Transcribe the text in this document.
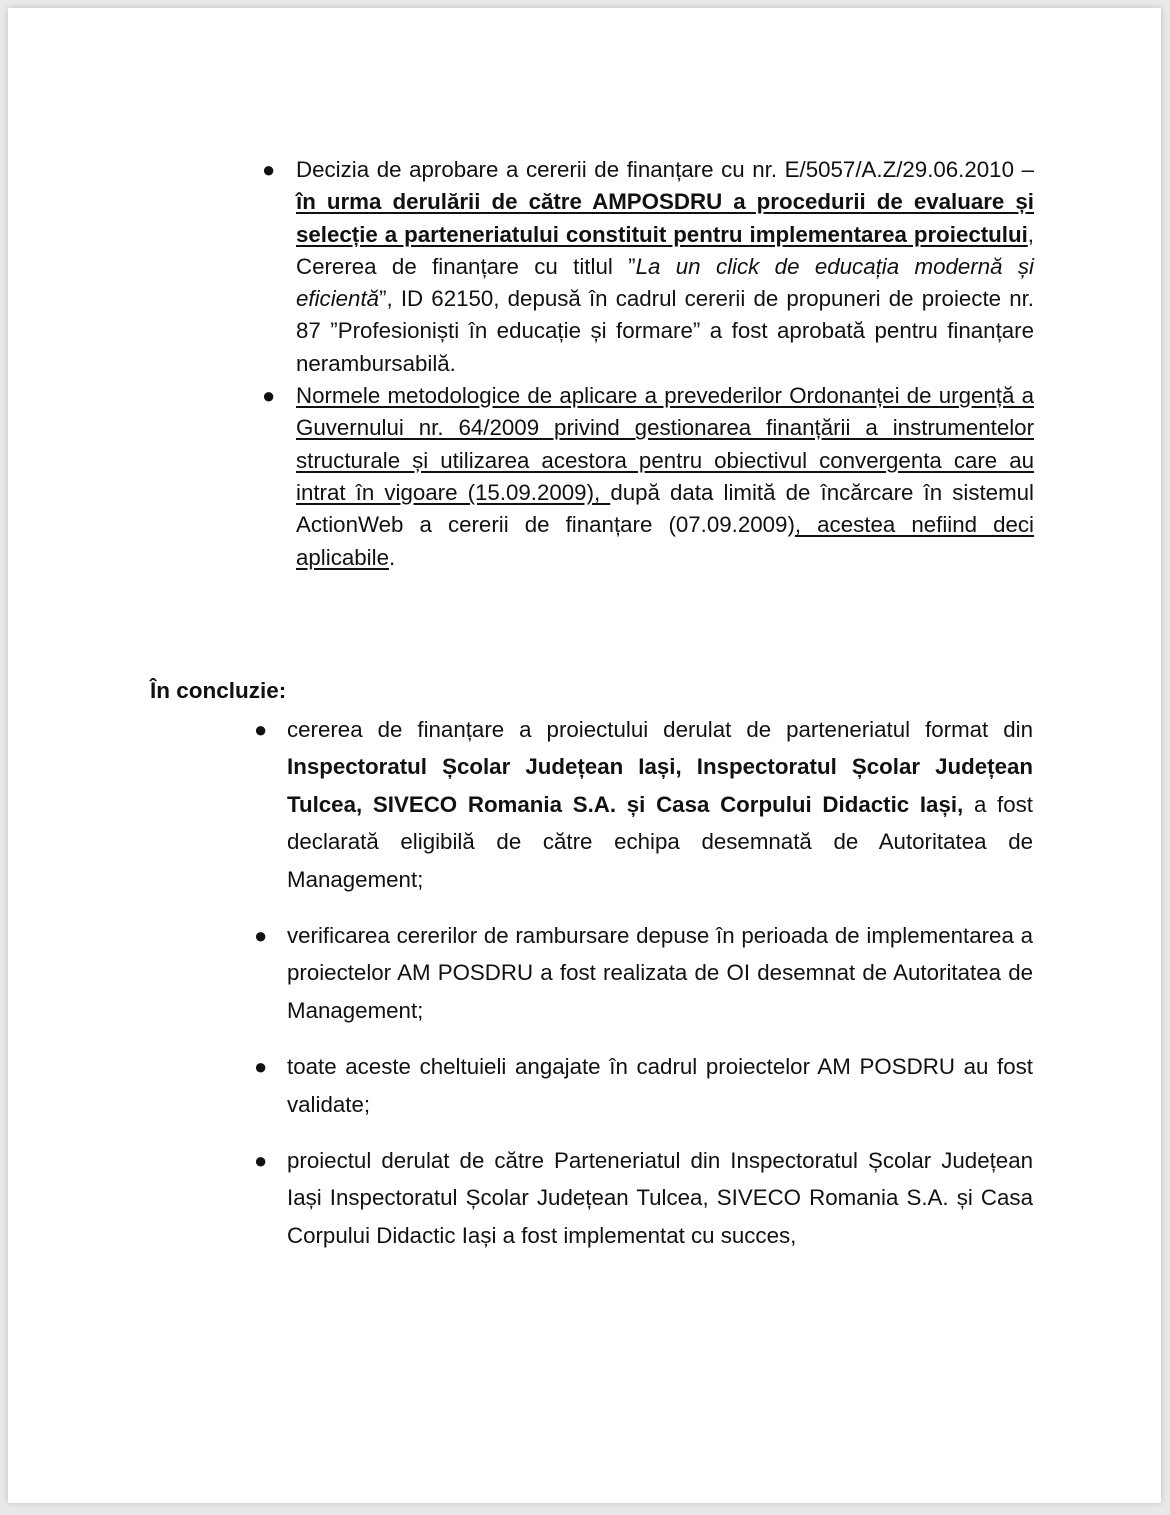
● Decizia de aprobare a cererii de finanțare cu nr. E/5057/A.Z/29.06.2010 – în urma derulării de către AMPOSDRU a procedurii de evaluare și selecție a parteneriatului constituit pentru implementarea proiectului, Cererea de finanțare cu titlul ”La un click de educația modernă și eficientă”, ID 62150, depusă în cadrul cererii de propuneri de proiecte nr. 87 ”Profesioniști în educație și formare” a fost aprobată pentru finanțare nerambursabilă.
● Normele metodologice de aplicare a prevederilor Ordonanței de urgență a Guvernului nr. 64/2009 privind gestionarea finanțării a instrumentelor structurale și utilizarea acestora pentru obiectivul convergenta care au intrat în vigoare (15.09.2009), după data limită de încărcare în sistemul ActionWeb a cererii de finanțare (07.09.2009), acestea nefiind deci aplicabile.

În concluzie:

● cererea de finanțare a proiectului derulat de parteneriatul format din Inspectoratul Școlar Județean Iași, Inspectoratul Școlar Județean Tulcea, SIVECO Romania S.A. și Casa Corpului Didactic Iași, a fost declarată eligibilă de către echipa desemnată de Autoritatea de Management;
● verificarea cererilor de rambursare depuse în perioada de implementarea a proiectelor AM POSDRU a fost realizata de OI desemnat de Autoritatea de Management;
● toate aceste cheltuieli angajate în cadrul proiectelor AM POSDRU au fost validate;
● proiectul derulat de către Parteneriatul din Inspectoratul Școlar Județean Iași Inspectoratul Școlar Județean Tulcea, SIVECO Romania S.A. și Casa Corpului Didactic Iași a fost implementat cu succes,
